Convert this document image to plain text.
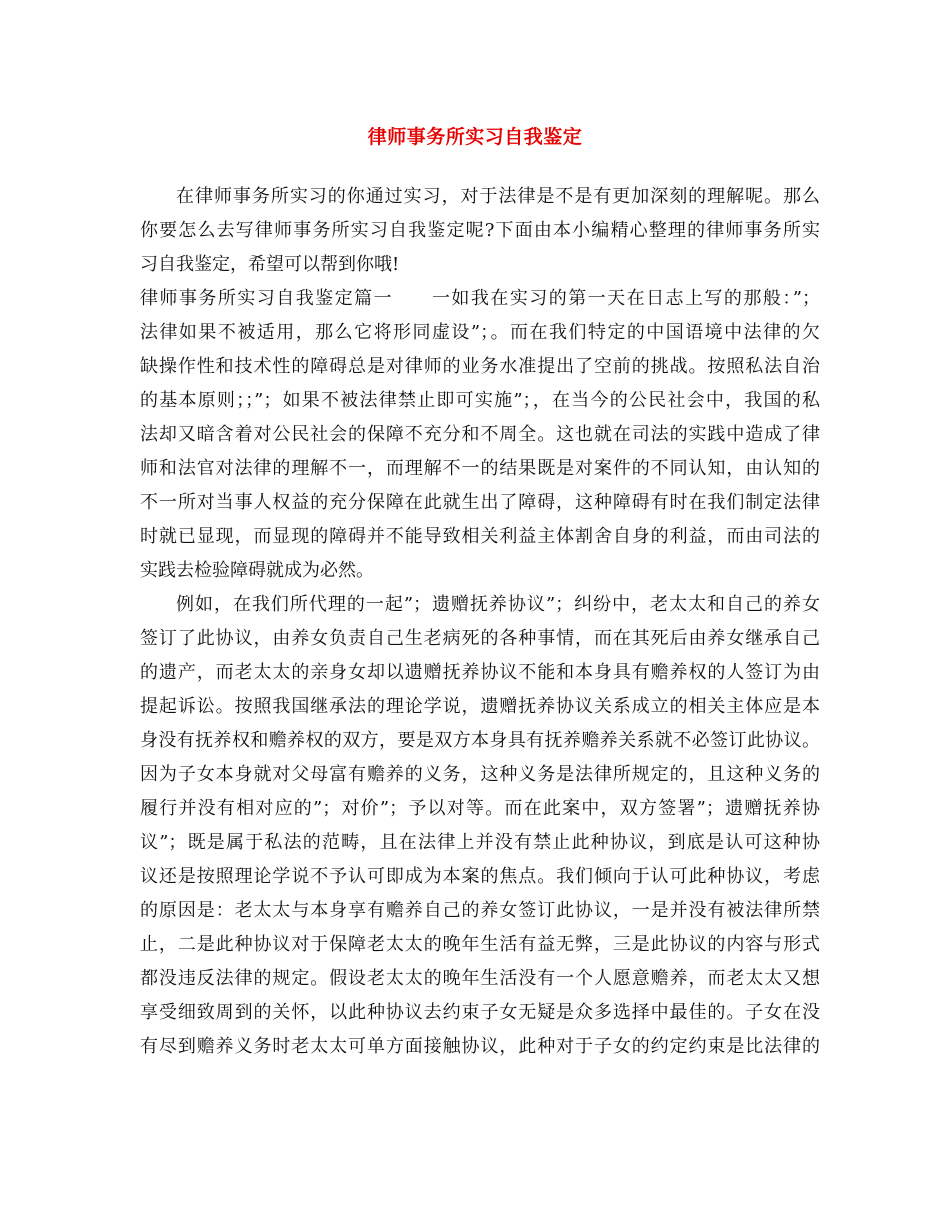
律师事务所实习自我鉴定
在律师事务所实习的你通过实习，对于法律是不是有更加深刻的理解呢。那么
你要怎么去写律师事务所实习自我鉴定呢?下面由本小编精心整理的律师事务所实
习自我鉴定，希望可以帮到你哦!
律师事务所实习自我鉴定篇一　　一如我在实习的第一天在日志上写的那般：”；
法律如果不被适用，那么它将形同虚设”；。而在我们特定的中国语境中法律的欠
缺操作性和技术性的障碍总是对律师的业务水准提出了空前的挑战。按照私法自治
的基本原则；；”；如果不被法律禁止即可实施”；，在当今的公民社会中，我国的私
法却又暗含着对公民社会的保障不充分和不周全。这也就在司法的实践中造成了律
师和法官对法律的理解不一，而理解不一的结果既是对案件的不同认知，由认知的
不一所对当事人权益的充分保障在此就生出了障碍，这种障碍有时在我们制定法律
时就已显现，而显现的障碍并不能导致相关利益主体割舍自身的利益，而由司法的
实践去检验障碍就成为必然。
例如，在我们所代理的一起”；遗赠抚养协议”；纠纷中，老太太和自己的养女
签订了此协议，由养女负责自己生老病死的各种事情，而在其死后由养女继承自己
的遗产，而老太太的亲身女却以遗赠抚养协议不能和本身具有赡养权的人签订为由
提起诉讼。按照我国继承法的理论学说，遗赠抚养协议关系成立的相关主体应是本
身没有抚养权和赡养权的双方，要是双方本身具有抚养赡养关系就不必签订此协议。
因为子女本身就对父母富有赡养的义务，这种义务是法律所规定的，且这种义务的
履行并没有相对应的”；对价”；予以对等。而在此案中，双方签署”；遗赠抚养协
议”；既是属于私法的范畴，且在法律上并没有禁止此种协议，到底是认可这种协
议还是按照理论学说不予认可即成为本案的焦点。我们倾向于认可此种协议，考虑
的原因是：老太太与本身享有赡养自己的养女签订此协议，一是并没有被法律所禁
止，二是此种协议对于保障老太太的晚年生活有益无弊，三是此协议的内容与形式
都没违反法律的规定。假设老太太的晚年生活没有一个人愿意赡养，而老太太又想
享受细致周到的关怀，以此种协议去约束子女无疑是众多选择中最佳的。子女在没
有尽到赡养义务时老太太可单方面接触协议，此种对于子女的约定约束是比法律的
